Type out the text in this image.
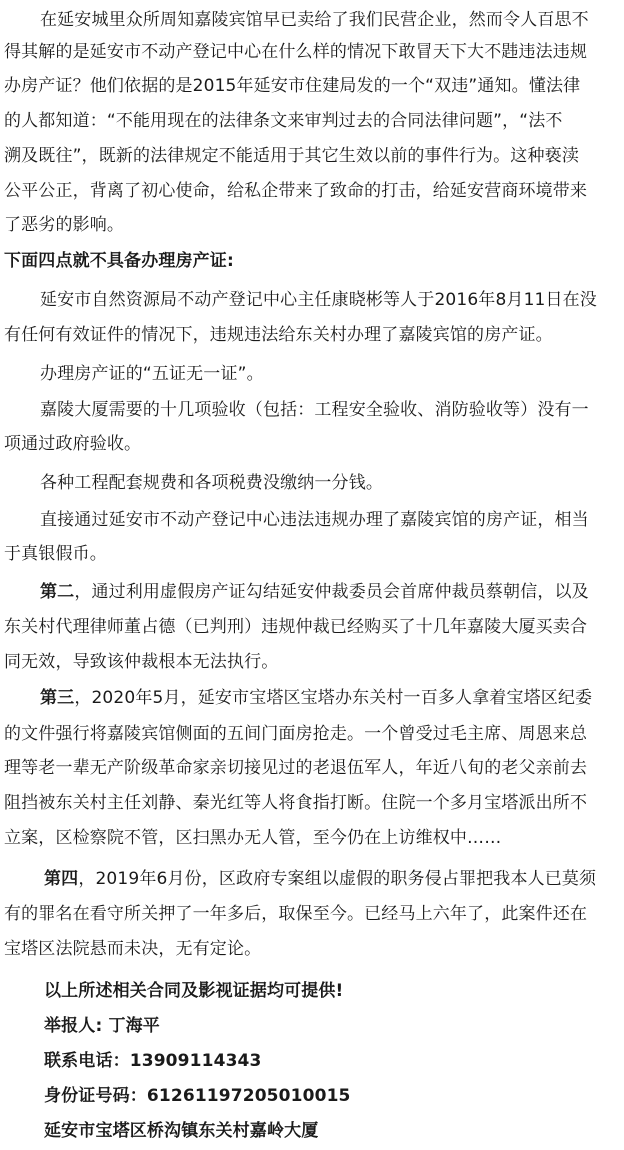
在延安城里众所周知嘉陵宾馆早已卖给了我们民营企业，然而令人百思不
得其解的是延安市不动产登记中心在什么样的情况下敢冒天下大不韪违法违规
办房产证？他们依据的是2015年延安市住建局发的一个“双违”通知。懂法律
的人都知道：“不能用现在的法律条文来审判过去的合同法律问题”，“法不
溯及既往”，既新的法律规定不能适用于其它生效以前的事件行为。这种亵渎
公平公正，背离了初心使命，给私企带来了致命的打击，给延安营商环境带来
了恶劣的影响。
下面四点就不具备办理房产证:
延安市自然资源局不动产登记中心主任康晓彬等人于2016年8月11日在没
有任何有效证件的情况下，违规违法给东关村办理了嘉陵宾馆的房产证。
办理房产证的“五证无一证”。
嘉陵大厦需要的十几项验收（包括：工程安全验收、消防验收等）没有一
项通过政府验收。
各种工程配套规费和各项税费没缴纳一分钱。
直接通过延安市不动产登记中心违法违规办理了嘉陵宾馆的房产证，相当
于真银假币。
第二，通过利用虚假房产证勾结延安仲裁委员会首席仲裁员蔡朝信，以及
东关村代理律师董占德（已判刑）违规仲裁已经购买了十几年嘉陵大厦买卖合
同无效，导致该仲裁根本无法执行。
第三，2020年5月，延安市宝塔区宝塔办东关村一百多人拿着宝塔区纪委
的文件强行将嘉陵宾馆侧面的五间门面房抢走。一个曾受过毛主席、周恩来总
理等老一辈无产阶级革命家亲切接见过的老退伍军人，年近八旬的老父亲前去
阻挡被东关村主任刘静、秦光红等人将食指打断。住院一个多月宝塔派出所不
立案，区检察院不管，区扫黑办无人管，至今仍在上访维权中……
第四，2019年6月份，区政府专案组以虚假的职务侵占罪把我本人已莫须
有的罪名在看守所关押了一年多后，取保至今。已经马上六年了，此案件还在
宝塔区法院悬而未决，无有定论。
以上所述相关合同及影视证据均可提供!
举报人: 丁海平
联系电话：13909114343
身份证号码：61261197205010015
延安市宝塔区桥沟镇东关村嘉岭大厦
